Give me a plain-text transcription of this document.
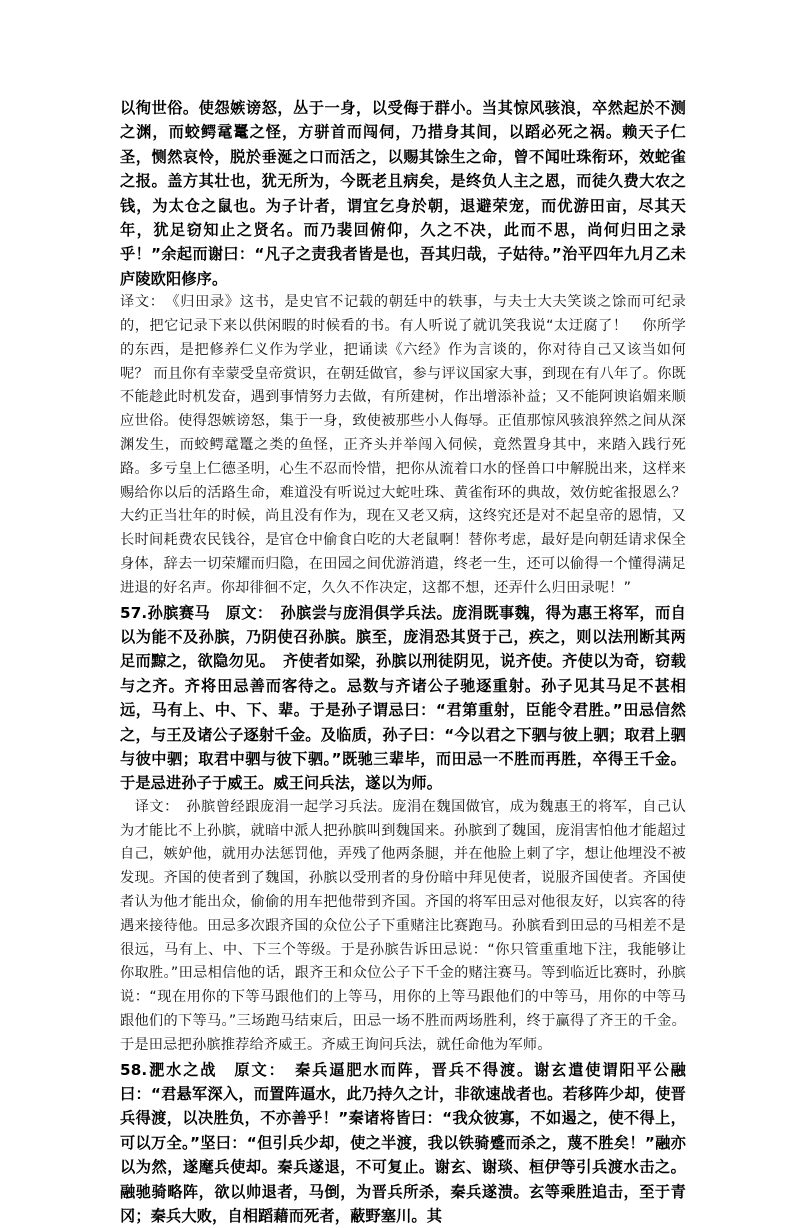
以徇世俗。使怨嫉谤怒，丛于一身，以受侮于群小。当其惊风骇浪，卒然起於不测之渊，而蛟鳄鼋鼍之怪，方骈首而闯伺，乃措身其间，以蹈必死之祸。赖天子仁圣，恻然哀怜，脱於垂涎之口而活之，以赐其馀生之命，曾不闻吐珠衔环，效蛇雀之报。盖方其壮也，犹无所为，今既老且病矣，是终负人主之恩，而徒久费大农之钱，为太仓之鼠也。为子计者，谓宜乞身於朝，退避荣宠，而优游田亩，尽其天年，犹足窃知止之贤名。而乃裴回俯仰，久之不决，此而不思，尚何归田之录乎！”余起而谢曰：“凡子之责我者皆是也，吾其归哉，子姑待。”治平四年九月乙未庐陵欧阳修序。

译文：　《归田录》这书，是史官不记载的朝廷中的轶事，与夫士大夫笑谈之馀而可纪录的，把它记录下来以供闲暇的时候看的书。有人听说了就讥笑我说“太迂腐了！　你所学的东西，是把修养仁义作为学业，把诵读《六经》作为言谈的，你对待自己又该当如何呢？ 而且你有幸蒙受皇帝赏识，在朝廷做官，参与评议国家大事，到现在有八年了。你既不能趁此时机发奋，遇到事情努力去做，有所建树，作出增添补益；又不能阿谀谄媚来顺应世俗。使得怨嫉谤怒，集于一身，致使被那些小人侮辱。正值那惊风骇浪猝然之间从深渊发生，而蛟鳄鼋鼍之类的鱼怪，正齐头并举闯入伺候，竟然置身其中，来踏入践行死路。多亏皇上仁德圣明，心生不忍而怜惜，把你从流着口水的怪兽口中解脱出来，这样来赐给你以后的活路生命，难道没有听说过大蛇吐珠、黄雀衔环的典故，效仿蛇雀报恩么？大约正当壮年的时候，尚且没有作为，现在又老又病，这终究还是对不起皇帝的恩情，又长时间耗费农民钱谷，是官仓中偷食白吃的大老鼠啊！替你考虑，最好是向朝廷请求保全身体，辞去一切荣耀而归隐，在田园之间优游消遣，终老一生，还可以偷得一个懂得满足进退的好名声。你却徘徊不定，久久不作决定，这都不想，还弄什么归田录呢！”

57.孙膑赛马　原文：　孙膑尝与庞涓俱学兵法。庞涓既事魏，得为惠王将军，而自以为能不及孙膑，乃阴使召孙膑。膑至，庞涓恐其贤于己，疾之，则以法刑断其两足而黥之，欲隐勿见。　齐使者如梁，孙膑以刑徒阴见，说齐使。齐使以为奇，窃载与之齐。齐将田忌善而客待之。忌数与齐诸公子驰逐重射。孙子见其马足不甚相远，马有上、中、下、辈。于是孙子谓忌曰：“君第重射，臣能令君胜。”田忌信然之，与王及诸公子逐射千金。及临质，孙子曰：“今以君之下驷与彼上驷；取君上驷与彼中驷；取君中驷与彼下驷。”既驰三辈毕，而田忌一不胜而再胜，卒得王千金。于是忌进孙子于威王。威王问兵法，遂以为师。

　译文：　孙膑曾经跟庞涓一起学习兵法。庞涓在魏国做官，成为魏惠王的将军，自己认为才能比不上孙膑，就暗中派人把孙膑叫到魏国来。孙膑到了魏国，庞涓害怕他才能超过自己，嫉妒他，就用办法惩罚他，弄残了他两条腿，并在他脸上刺了字，想让他埋没不被发现。齐国的使者到了魏国，孙膑以受刑者的身份暗中拜见使者，说服齐国使者。齐国使者认为他才能出众，偷偷的用车把他带到齐国。齐国的将军田忌对他很友好，以宾客的待遇来接待他。田忌多次跟齐国的众位公子下重赌注比赛跑马。孙膑看到田忌的马相差不是很远，马有上、中、下三个等级。于是孙膑告诉田忌说：“你只管重重地下注，我能够让你取胜。”田忌相信他的话，跟齐王和众位公子下千金的赌注赛马。等到临近比赛时，孙膑说：“现在用你的下等马跟他们的上等马，用你的上等马跟他们的中等马，用你的中等马跟他们的下等马。”三场跑马结束后，田忌一场不胜而两场胜利，终于赢得了齐王的千金。于是田忌把孙膑推荐给齐威王。齐威王询问兵法，就任命他为军师。

58.淝水之战　原文：　秦兵逼肥水而阵，晋兵不得渡。谢玄遣使谓阳平公融曰：“君悬军深入，而置阵逼水，此乃持久之计，非欲速战者也。若移阵少却，使晋兵得渡，以决胜负，不亦善乎！”秦诸将皆曰：“我众彼寡，不如遏之，使不得上，可以万全。”坚曰：“但引兵少却，使之半渡，我以铁骑蹙而杀之，蔑不胜矣！”融亦以为然，遂麾兵使却。秦兵遂退，不可复止。谢玄、谢琰、桓伊等引兵渡水击之。融驰骑略阵，欲以帅退者，马倒，为晋兵所杀，秦兵遂溃。玄等乘胜追击，至于青冈；秦兵大败，自相蹈藉而死者，蔽野塞川。其
